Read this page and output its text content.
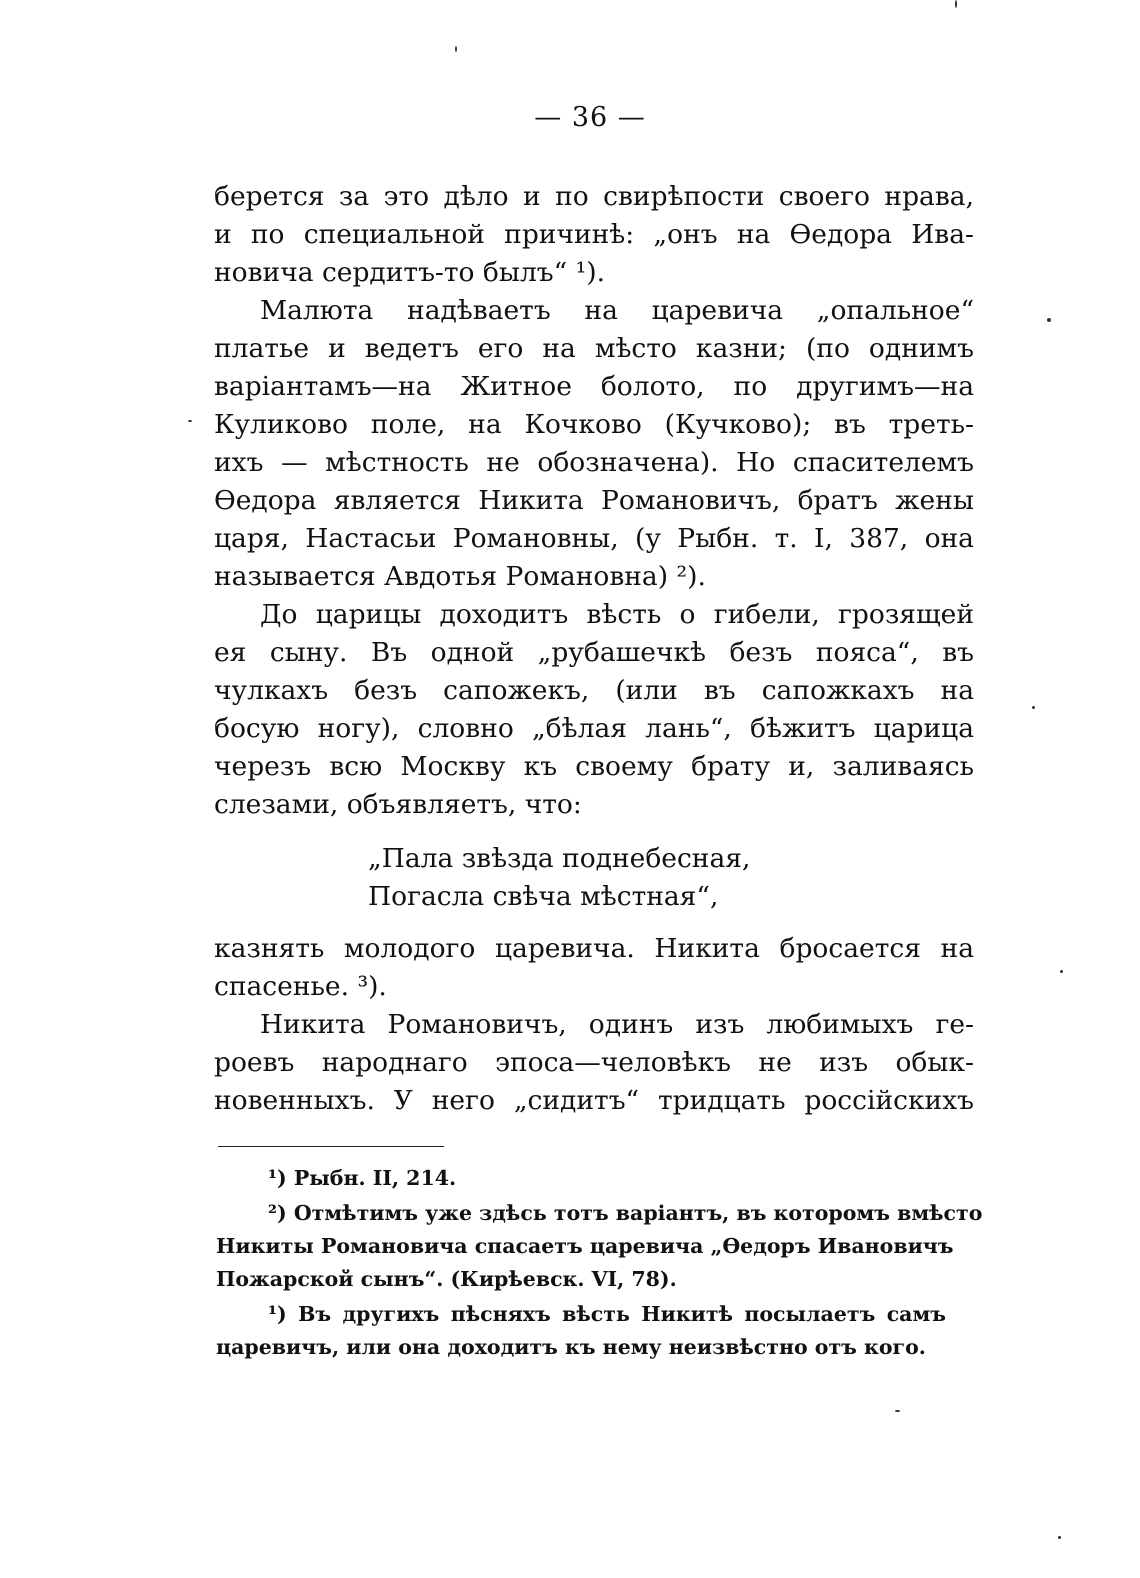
— 36 —
берется за это дѣло и по свирѣпости своего нрава,
и по специальной причинѣ: „онъ на Ѳедора Ива-
новича сердитъ-то былъ“ ¹).
Малюта надѣваетъ на царевича „опальное“
платье и ведетъ его на мѣсто казни; (по однимъ
варiантамъ—на Житное болото, по другимъ—на
Куликово поле, на Кочково (Кучково); въ треть-
ихъ — мѣстность не обозначена). Но спасителемъ
Ѳедора является Никита Романовичъ, братъ жены
царя, Настасьи Романовны, (у Рыбн. т. I, 387, она
называется Авдотья Романовна) ²).
До царицы доходитъ вѣсть о гибели, грозящей
ея сыну. Въ одной „рубашечкѣ безъ пояса“, въ
чулкахъ безъ сапожекъ, (или въ сапожкахъ на
босую ногу), словно „бѣлая лань“, бѣжитъ царица
черезъ всю Москву къ своему брату и, заливаясь
слезами, объявляетъ, что:
„Пала звѣзда поднебесная,
Погасла свѣча мѣстная“,
казнять молодого царевича. Никита бросается на
спасенье. ³).
Никита Романовичъ, одинъ изъ любимыхъ ге-
роевъ народнаго эпоса—человѣкъ не изъ обык-
новенныхъ. У него „сидитъ“ тридцать россiйскихъ
¹) Рыбн. II, 214.
²) Отмѣтимъ уже здѣсь тотъ варiантъ, въ которомъ вмѣсто
Никиты Романовича спасаетъ царевича „Ѳедоръ Ивановичъ
Пожарской сынъ“. (Кирѣевск. VI, 78).
¹) Въ другихъ пѣсняхъ вѣсть Никитѣ посылаетъ самъ
царевичъ, или она доходитъ къ нему неизвѣстно отъ кого.
